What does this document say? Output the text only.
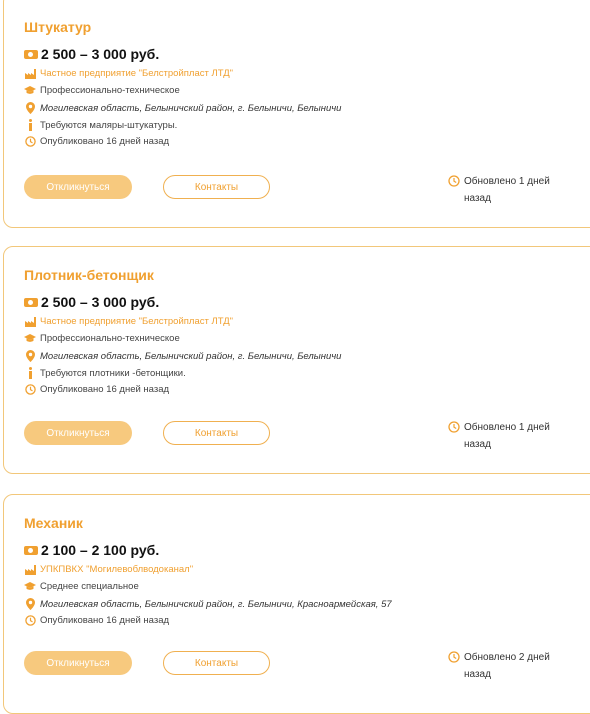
Штукатур
2 500 – 3 000 руб.
Частное предприятие "Белстройпласт ЛТД"
Профессионально-техническое
Могилевская область, Белыничский район, г. Белыничи, Белыничи
Требуются маляры-штукатуры.
Опубликовано 16 дней назад
Откликнуться	Контакты	Обновлено 1 дней назад
Плотник-бетонщик
2 500 – 3 000 руб.
Частное предприятие "Белстройпласт ЛТД"
Профессионально-техническое
Могилевская область, Белыничский район, г. Белыничи, Белыничи
Требуются плотники -бетонщики.
Опубликовано 16 дней назад
Откликнуться	Контакты	Обновлено 1 дней назад
Механик
2 100 – 2 100 руб.
УПКПВКХ "Могилевоблводоканал"
Среднее специальное
Могилевская область, Белыничский район, г. Белыничи, Красноармейская, 57
Опубликовано 16 дней назад
Откликнуться	Контакты	Обновлено 2 дней назад
